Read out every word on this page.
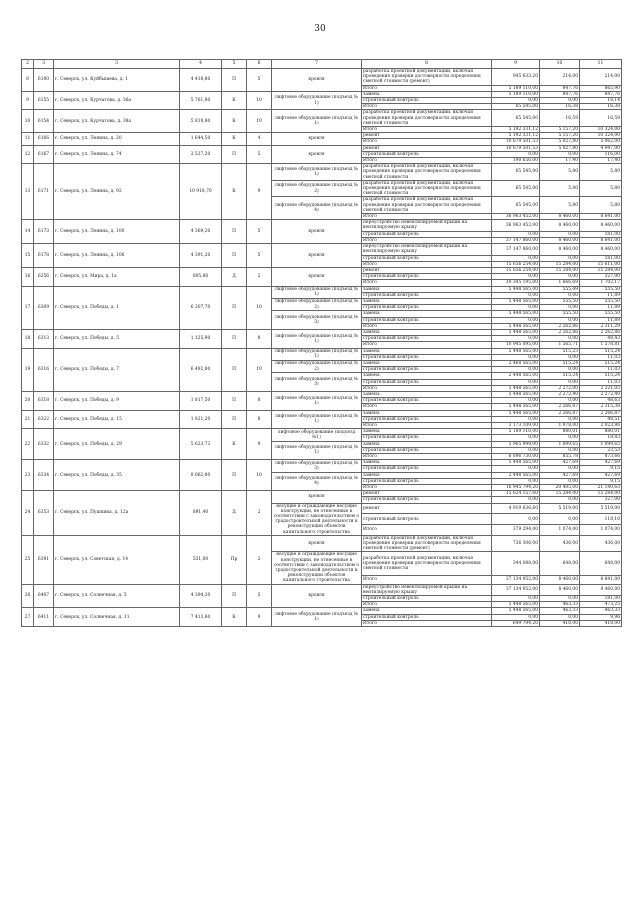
30
2	3	3	4	5	6	7	8	9	10	11
8	6100	г. Северск, ул. Куйбышева, д. 1	4 418,80	П	5	кровля	разработка проектной документации, включая проведение проверки достоверности определения сметной стоимости (ремонт)	945 633,20	214,00	214,00
							Итого	5 189 110,00	847,76	865,90
9	6155	г. Северск, ул. Курчатова, д. 36а	5 761,80	К	10	лифтовое оборудование (подъезд № 1)	замена	5 189 110,00	847,76	847,76
							строительный контроль	0,00	0,00	18,14
							Итого	65 545,00	16,38	16,38
10	6154	г. Северск, ул. Курчатова, д. 38а	5 819,80	К	10	лифтовое оборудование (подъезд № 1)	разработка проектной документации, включая проведение проверки достоверности определения сметной стоимости	65 545,00	16,59	16,59
							Итого	5 192 331,12	5 157,20	10 324,00
11	6166	г. Северск, ул. Ленина, д. 20	1 644,50	К	4	кровля	ремонт	5 192 331,12	5 157,20	10 324,00
							Итого	10 679 501,53	5 027,80	5 062,00
12	6167	г. Северск, ул. Ленина, д. 74	3 527,20	П	5	кровля	ремонт	10 679 501,53	5 027,80	4 947,00
							строительный контроль	0,00	0,00	116,00
							Итого	190 656,00	17,40	17,40
13	6171	г. Северск, ул. Ленина, д. 92	10 918,70	К	9	лифтовое оборудование (подъезд № 1)	разработка проектной документации, включая проведение проверки достоверности определения сметной стоимости	65 545,00	5,80	5,80
						лифтовое оборудование (подъезд № 2)	разработка проектной документации, включая проведение проверки достоверности определения сметной стоимости	65 545,00	5,80	5,80
						лифтовое оборудование (подъезд № 4)	разработка проектной документации, включая проведение проверки достоверности определения сметной стоимости	65 545,00	5,80	5,80
							Итого	36 963 452,00	8 460,00	8 641,00
14	6173	г. Северск, ул. Ленина, д. 100	4 369,20	П	5	кровля	переустройство невентилируемой крыши на вентилируемую крышу	36 963 452,00	8 460,00	8 460,00
							строительный контроль	0,00	0,00	181,00
							Итого	37 147 860,00	8 460,00	8 641,00
15	6178	г. Северск, ул. Ленина, д. 106	4 391,20	П	5	кровля	переустройство невентилируемой крыши на вентилируемую крышу	37 147 860,00	8 460,00	8 460,00
							строительный контроль	0,00	0,00	181,00
							Итого	15 656 254,00	15 284,00	15 611,00
16	6256	г. Северск, ул. Мира, д. 1а	895,80	Д	2	кровля	ремонт	15 656 254,00	15 284,00	15 284,00
							строительный контроль	0,00	0,00	327,00
							Итого	10 345 195,00	1 666,69	1 702,17
17	6309	г. Северск, ул. Победы, д. 1	6 207,70	П	10	лифтовое оборудование (подъезд № 1)	замена	5 448 565,00	555,49	555,50
							строительный контроль	0,00	0,00	11,89
						лифтовое оборудование (подъезд № 2)	замена	5 448 565,00	555,50	555,50
							строительный контроль	0,00	0,00	11,89
						лифтовое оборудование (подъезд № 3)	замена	5 448 565,00	555,50	555,50
							строительный контроль	0,00	0,00	11,89
							Итого	5 448 565,00	2 262,86	2 311,29
18	6313	г. Северск, ул. Победы, д. 5	1 125,90	П	8	лифтовое оборудование (подъезд № 1)	замена	5 448 565,00	2 262,86	2 262,86
							строительный контроль	0,00	0,00	48,43
							Итого	10 945 095,00	1 565,71	1 578,81
19	6316	г. Северск, ул. Победы, д. 7	6 492,80	П	10	лифтовое оборудование (подъезд № 1)	замена	5 448 565,00	515,23	515,24
							строительный контроль	0,00	0,00	11,03
						лифтовое оборудование (подъезд № 2)	замена	2 468 565,00	515,24	515,24
							строительный контроль	0,00	0,00	11,03
						лифтовое оборудование (подъезд № 3)	замена	2 448 565,00	515,24	515,24
							строительный контроль	0,00	0,00	11,03
							Итого	5 448 565,00	2 272,00	2 321,05
20	6318	г. Северск, ул. Победы, д. 9	1 817,50	П	8	лифтовое оборудование (подъезд № 1)	замена	5 448 565,00	2 272,40	2 272,40
							строительный контроль	0,00	0,00	48,63
							Итого	5 448 565,00	2 266,87	2 315,38
21	6322	г. Северск, ул. Победы, д. 15	1 821,20	П	8	лифтовое оборудование (подъезд № 1)	замена	5 448 565,00	2 266,87	2 266,87
							строительный контроль	0,00	0,00	48,51
							Итого	3 173 109,00	1 978,00	2 023,86
22	6332	г. Северск, ул. Победы, д. 29	5 623,72	К	9	лифтовое оборудование (подъезд №1)	замена	5 189 110,00	880,01	880,01
							строительный контроль	0,00	0,00	18,83
						лифтовое оборудование (подъезд № 1)	замена	5 965 999,00	1 099,65	1 099,65
							строительный контроль	0,00	0,00	23,53
							Итого	6 896 730,00	855,78	873,66
23	6334	г. Северск, ул. Победы, д. 35	8 062,80	П	10	лифтовое оборудование (подъезд № 3)	замена	5 448 565,00	427,69	427,69
							строительный контроль	0,00	0,00	9,15
						лифтовое оборудование (подъезд № 4)	замена	2 448 565,00	427,69	427,69
							строительный контроль	0,00	0,00	9,15
							Итого	16 945 794,20	20 405,00	21 140,63
24	6353	г. Северск, ул. Пушкина, д. 12а	891,40	Д	2	кровля	ремонт	15 624 157,60	15 284,00	15 284,00
							строительный контроль	0,00	0,00	327,00
						несущие и ограждающие несущие конструкции, не отнесенные в соответствии с законодательством о градостроительной деятельности к реконструкции объектов капитального строительства	ремонт	4 919 636,60	5 519,00	5 519,00
							строительный контроль	0,00	0,00	118,10
							Итого	379 294,00	1 074,00	1 074,00
25	6391	г. Северск, ул. Советская, д. 14	531,00	Пр	2	кровля	разработка проектной документации, включая проведение проверки достоверности определения сметной стоимости (ремонт)	736 306,00	436,00	436,00
						несущие и ограждающие несущие конструкции, не отнесенные в соответствии с законодательством о градостроительной деятельности к реконструкции объектов капитального строительства	разработка проектной документации, включая проведение проверки достоверности определения сметной стоимости	344 088,00	648,00	648,00
							Итого	37 134 952,00	8 460,00	8 641,00
26	6407	г. Северск, ул. Солнечная, д. 5	4 394,20	П	5	кровля	переустройство невентилируемой крыши на вентилируемую крышу	37 134 952,00	8 460,00	8 460,00
							строительный контроль	0,00	0,00	181,00
							Итого	5 448 565,00	463,33	473,25
27	6411	г. Северск, ул. Солнечная, д. 11	7 413,60	К	9	лифтовое оборудование (подъезд № 1)	замена	5 448 565,00	463,33	463,33
							строительный контроль	0,00	0,00	9,96
							Итого	649 794,20	418,00	418,00
